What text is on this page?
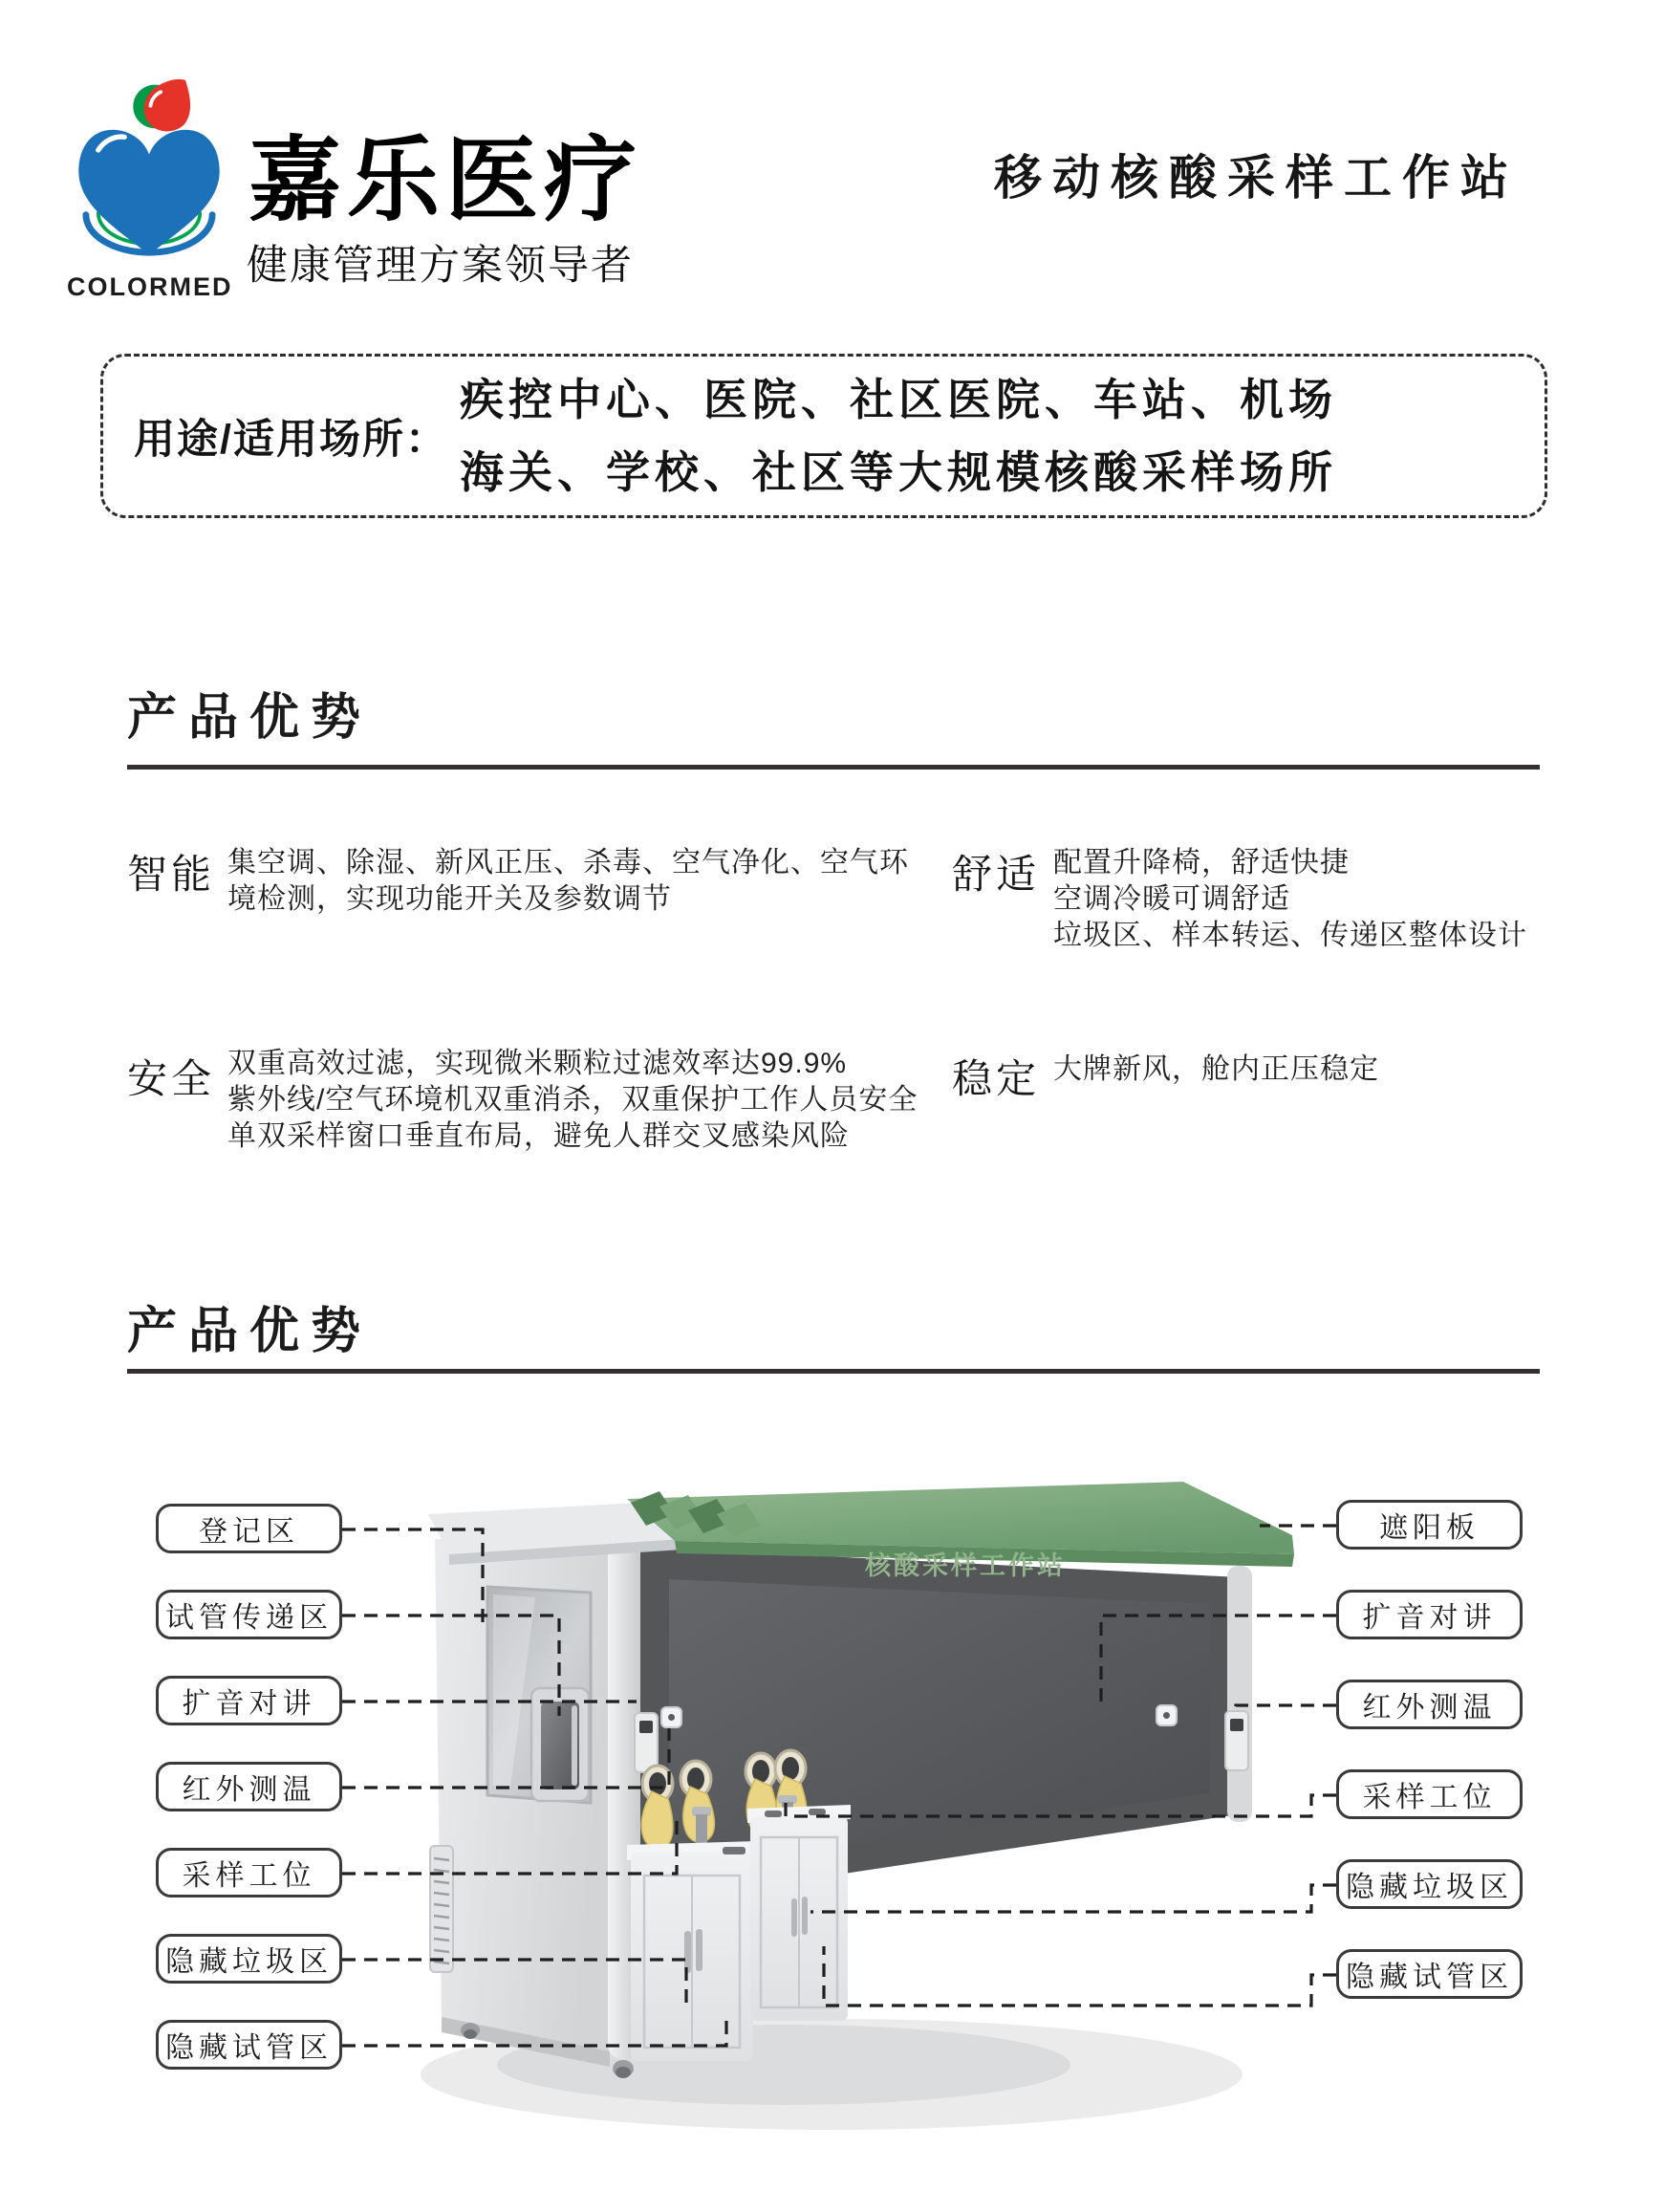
COLORMED
嘉乐医疗
健康管理方案领导者
移动核酸采样工作站
用途/适用场所：
疾控中心、医院、社区医院、车站、机场
海关、学校、社区等大规模核酸采样场所
产品优势
智能 集空调、除湿、新风正压、杀毒、空气净化、空气环
境检测，实现功能开关及参数调节
舒适 配置升降椅，舒适快捷
空调冷暖可调舒适
垃圾区、样本转运、传递区整体设计
安全 双重高效过滤，实现微米颗粒过滤效率达99.9%
紫外线/空气环境机双重消杀，双重保护工作人员安全
单双采样窗口垂直布局，避免人群交叉感染风险
稳定 大牌新风，舱内正压稳定
产品优势
核酸采样工作站
登记区
试管传递区
扩音对讲
红外测温
采样工位
隐藏垃圾区
隐藏试管区
遮阳板
扩音对讲
红外测温
采样工位
隐藏垃圾区
隐藏试管区
